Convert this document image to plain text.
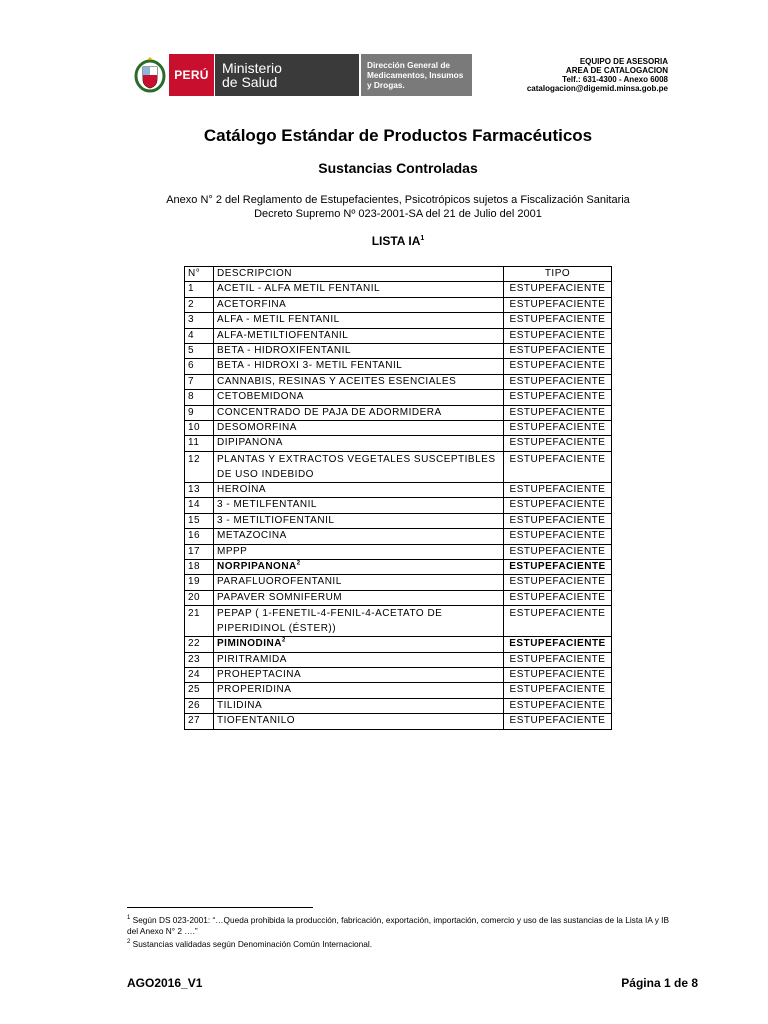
PERÚ Ministerio
de Salud
Dirección General de
Medicamentos, Insumos
y Drogas.
EQUIPO DE ASESORIA
AREA DE CATALOGACION
Telf.: 631-4300 - Anexo 6008
catalogacion@digemid.minsa.gob.pe
Catálogo Estándar de Productos Farmacéuticos
Sustancias Controladas
Anexo N° 2 del Reglamento de Estupefacientes, Psicotrópicos sujetos a Fiscalización Sanitaria
Decreto Supremo Nº 023-2001-SA del 21 de Julio del 2001
LISTA $IA^1$
N°	DESCRIPCION	TIPO
1	ACETIL - ALFA METIL FENTANIL	ESTUPEFACIENTE
2	ACETORFINA	ESTUPEFACIENTE
3	ALFA - METIL FENTANIL	ESTUPEFACIENTE
4	ALFA-METILTIOFENTANIL	ESTUPEFACIENTE
5	BETA - HIDROXIFENTANIL	ESTUPEFACIENTE
6	BETA - HIDROXI 3- METIL FENTANIL	ESTUPEFACIENTE
7	CANNABIS, RESINAS Y ACEITES ESENCIALES	ESTUPEFACIENTE
8	CETOBEMIDONA	ESTUPEFACIENTE
9	CONCENTRADO DE PAJA DE ADORMIDERA	ESTUPEFACIENTE
10	DESOMORFINA	ESTUPEFACIENTE
11	DIPIPANONA	ESTUPEFACIENTE
12	PLANTAS Y EXTRACTOS VEGETALES SUSCEPTIBLES DE USO INDEBIDO	ESTUPEFACIENTE
13	HEROÍNA	ESTUPEFACIENTE
14	3 - METILFENTANIL	ESTUPEFACIENTE
15	3 - METILTIOFENTANIL	ESTUPEFACIENTE
16	METAZOCINA	ESTUPEFACIENTE
17	MPPP	ESTUPEFACIENTE
18	NORPIPANONA$^2$	ESTUPEFACIENTE
19	PARAFLUOROFENTANIL	ESTUPEFACIENTE
20	PAPAVER SOMNIFERUM	ESTUPEFACIENTE
21	PEPAP ( 1-FENETIL-4-FENIL-4-ACETATO DE PIPERIDINOL (ÉSTER))	ESTUPEFACIENTE
22	PIMINODINA$^2$	ESTUPEFACIENTE
23	PIRITRAMIDA	ESTUPEFACIENTE
24	PROHEPTACINA	ESTUPEFACIENTE
25	PROPERIDINA	ESTUPEFACIENTE
26	TILIDINA	ESTUPEFACIENTE
27	TIOFENTANILO	ESTUPEFACIENTE
$^1$ Según DS 023-2001: “…Queda prohibida la producción, fabricación, exportación, importación, comercio y uso de las sustancias de la Lista IA y IB del Anexo N° 2 ….”
$^2$ Sustancias validadas según Denominación Común Internacional.
AGO2016_V1	Página 1 de 8
